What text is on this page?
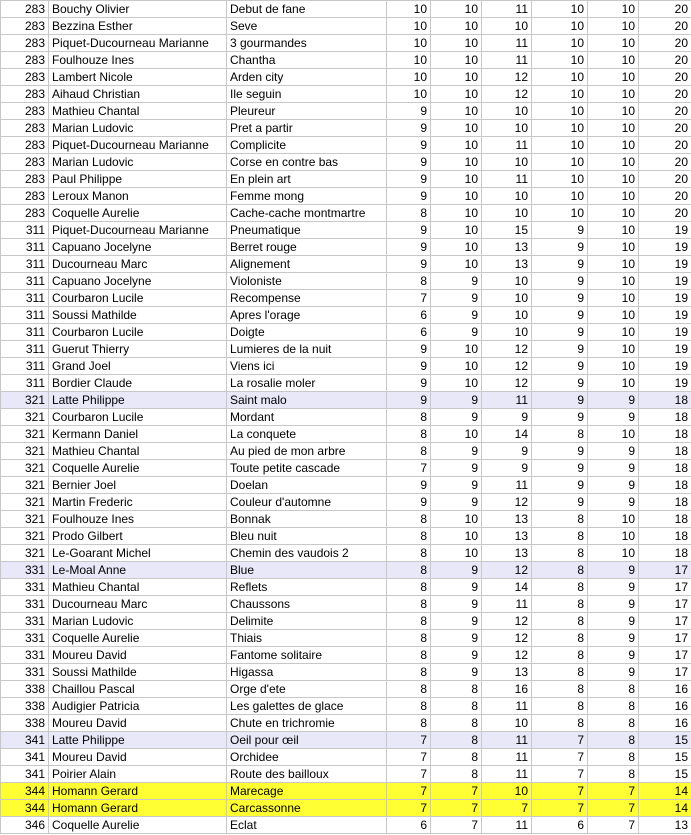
283	Bouchy Olivier	Debut de fane	10	10	11	10	10	20
283	Bezzina Esther	Seve	10	10	10	10	10	20
283	Piquet-Ducourneau Marianne	3 gourmandes	10	10	11	10	10	20
283	Foulhouze Ines	Chantha	10	10	11	10	10	20
283	Lambert Nicole	Arden city	10	10	12	10	10	20
283	Aihaud Christian	Ile seguin	10	10	12	10	10	20
283	Mathieu Chantal	Pleureur	9	10	10	10	10	20
283	Marian Ludovic	Pret a partir	9	10	10	10	10	20
283	Piquet-Ducourneau Marianne	Complicite	9	10	11	10	10	20
283	Marian Ludovic	Corse en contre bas	9	10	10	10	10	20
283	Paul Philippe	En plein art	9	10	11	10	10	20
283	Leroux Manon	Femme mong	9	10	10	10	10	20
283	Coquelle Aurelie	Cache-cache montmartre	8	10	10	10	10	20
311	Piquet-Ducourneau Marianne	Pneumatique	9	10	15	9	10	19
311	Capuano Jocelyne	Berret rouge	9	10	13	9	10	19
311	Ducourneau Marc	Alignement	9	10	13	9	10	19
311	Capuano Jocelyne	Violoniste	8	9	10	9	10	19
311	Courbaron Lucile	Recompense	7	9	10	9	10	19
311	Soussi Mathilde	Apres l'orage	6	9	10	9	10	19
311	Courbaron Lucile	Doigte	6	9	10	9	10	19
311	Guerut Thierry	Lumieres de la nuit	9	10	12	9	10	19
311	Grand Joel	Viens ici	9	10	12	9	10	19
311	Bordier Claude	La rosalie moler	9	10	12	9	10	19
321	Latte Philippe	Saint malo	9	9	11	9	9	18
321	Courbaron Lucile	Mordant	8	9	9	9	9	18
321	Kermann Daniel	La conquete	8	10	14	8	10	18
321	Mathieu Chantal	Au pied de mon arbre	8	9	9	9	9	18
321	Coquelle Aurelie	Toute petite cascade	7	9	9	9	9	18
321	Bernier Joel	Doelan	9	9	11	9	9	18
321	Martin Frederic	Couleur d'automne	9	9	12	9	9	18
321	Foulhouze Ines	Bonnak	8	10	13	8	10	18
321	Prodo Gilbert	Bleu nuit	8	10	13	8	10	18
321	Le-Goarant Michel	Chemin des vaudois 2	8	10	13	8	10	18
331	Le-Moal Anne	Blue	8	9	12	8	9	17
331	Mathieu Chantal	Reflets	8	9	14	8	9	17
331	Ducourneau Marc	Chaussons	8	9	11	8	9	17
331	Marian Ludovic	Delimite	8	9	12	8	9	17
331	Coquelle Aurelie	Thiais	8	9	12	8	9	17
331	Moureu David	Fantome solitaire	8	9	12	8	9	17
331	Soussi Mathilde	Higassa	8	9	13	8	9	17
338	Chaillou Pascal	Orge d'ete	8	8	16	8	8	16
338	Audigier Patricia	Les galettes de glace	8	8	11	8	8	16
338	Moureu David	Chute en trichromie	8	8	10	8	8	16
341	Latte Philippe	Oeil pour œil	7	8	11	7	8	15
341	Moureu David	Orchidee	7	8	11	7	8	15
341	Poirier Alain	Route des bailloux	7	8	11	7	8	15
344	Homann Gerard	Marecage	7	7	10	7	7	14
344	Homann Gerard	Carcassonne	7	7	7	7	7	14
346	Coquelle Aurelie	Eclat	6	7	11	6	7	13
